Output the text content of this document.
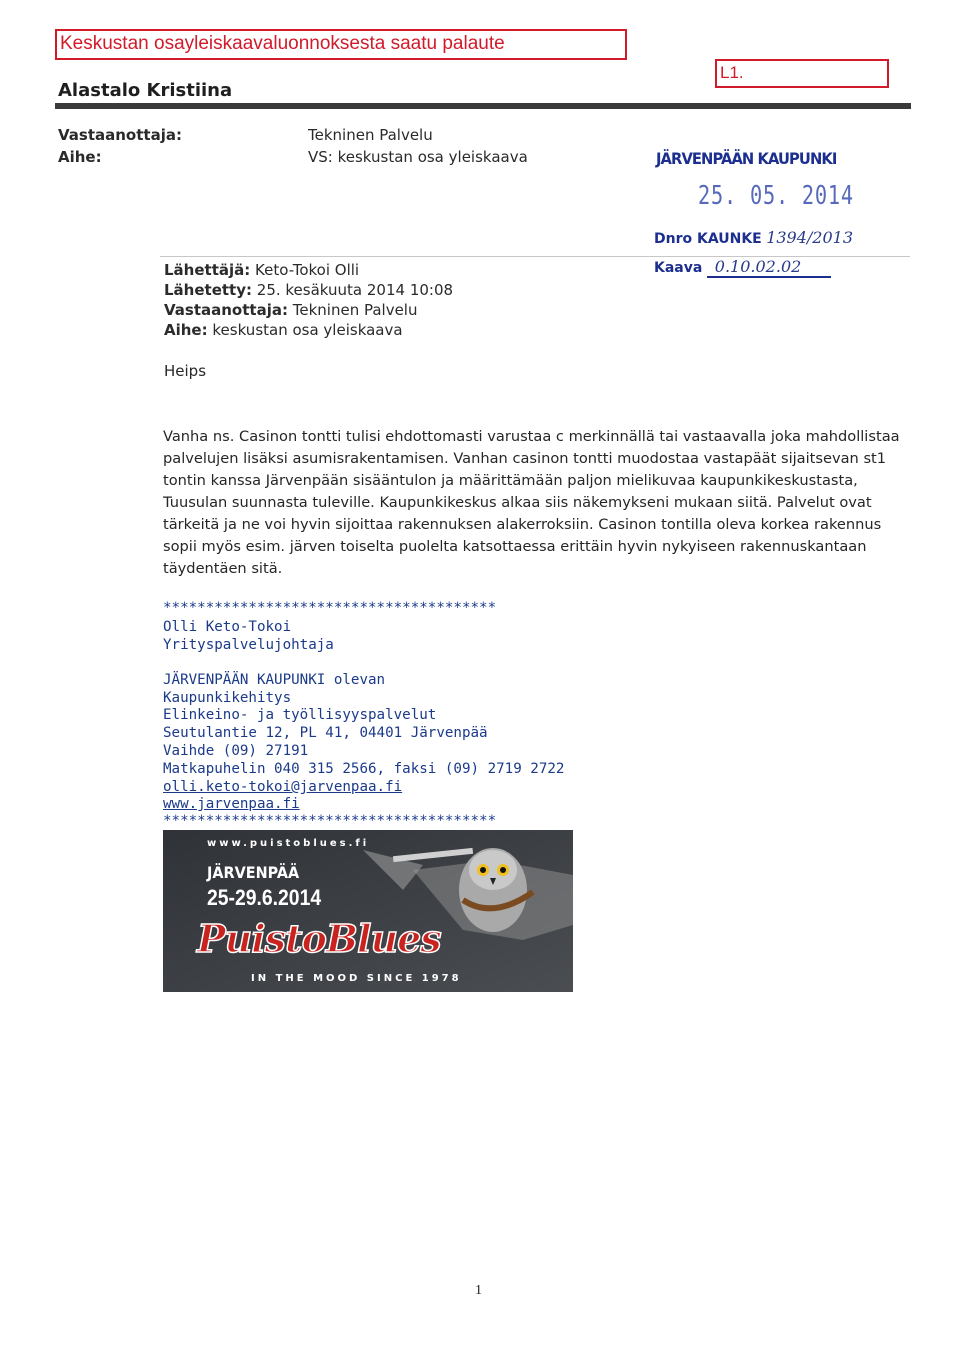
Keskustan osayleiskaavaluonnoksesta saatu palaute
L1.
Alastalo Kristiina
Vastaanottaja:	Tekninen Palvelu
Aihe:	VS: keskustan osa yleiskaava	JÄRVENPÄÄN KAUPUNKI
25. 05. 2014
Dnro KAUNKE 1394/2013
Kaava 0.10.02.02
Lähettäjä: Keto-Tokoi Olli
Lähetetty: 25. kesäkuuta 2014 10:08
Vastaanottaja: Tekninen Palvelu
Aihe: keskustan osa yleiskaava
Heips
Vanha ns. Casinon tontti tulisi ehdottomasti varustaa c merkinnällä tai vastaavalla joka mahdollistaa
palvelujen lisäksi asumisrakentamisen. Vanhan casinon tontti muodostaa vastapäät sijaitsevan st1
tontin kanssa Järvenpään sisääntulon ja määrittämään paljon mielikuvaa kaupunkikeskustasta,
Tuusulan suunnasta tuleville. Kaupunkikeskus alkaa siis näkemykseni mukaan siitä. Palvelut ovat
tärkeitä ja ne voi hyvin sijoittaa rakennuksen alakerroksiin. Casinon tontilla oleva korkea rakennus
sopii myös esim. järven toiselta puolelta katsottaessa erittäin hyvin nykyiseen rakennuskantaan
täydentäen sitä.
***************************************
Olli Keto-Tokoi
Yrityspalvelujohtaja
JÄRVENPÄÄN KAUPUNKI olevan
Kaupunkikehitys
Elinkeino- ja työllisyyspalvelut
Seutulantie 12, PL 41, 04401 Järvenpää
Vaihde (09) 27191
Matkapuhelin 040 315 2566, faksi (09) 2719 2722
olli.keto-tokoi@jarvenpaa.fi
www.jarvenpaa.fi
***************************************
www.puistoblues.fi
JÄRVENPÄÄ
25-29.6.2014
PuistoBlues
IN THE MOOD SINCE 1978
1
